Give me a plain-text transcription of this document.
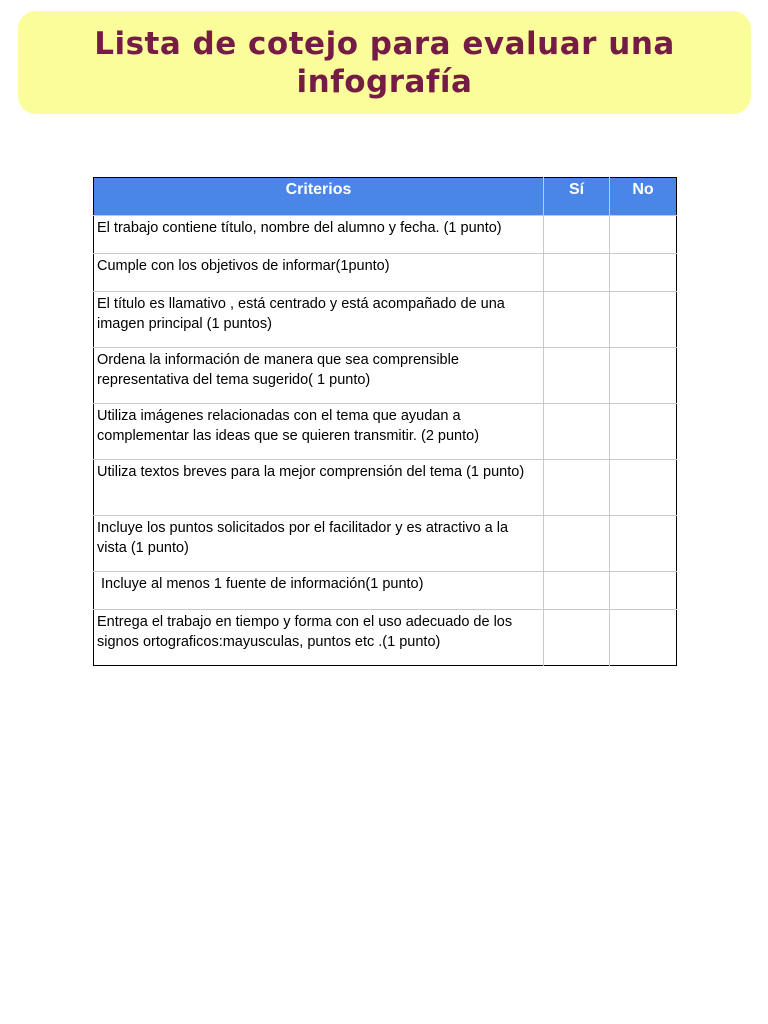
Lista de cotejo para evaluar una infografía
Criterios	Sí	No
El trabajo contiene título, nombre del alumno y fecha. (1 punto)		
Cumple con los objetivos de informar(1punto)		
El título es llamativo , está centrado y está acompañado de una imagen principal (1 puntos)		
Ordena la información de manera que sea comprensible representativa del tema sugerido( 1 punto)		
Utiliza imágenes relacionadas con el tema que ayudan a complementar las ideas que se quieren transmitir. (2 punto)		
Utiliza textos breves para la mejor comprensión del tema (1 punto)		
Incluye los puntos solicitados por el facilitador y es atractivo a la vista (1 punto)		
Incluye al menos 1 fuente de información(1 punto)		
Entrega el trabajo en tiempo y forma con el uso adecuado de los signos ortograficos:mayusculas, puntos etc .(1 punto)		
